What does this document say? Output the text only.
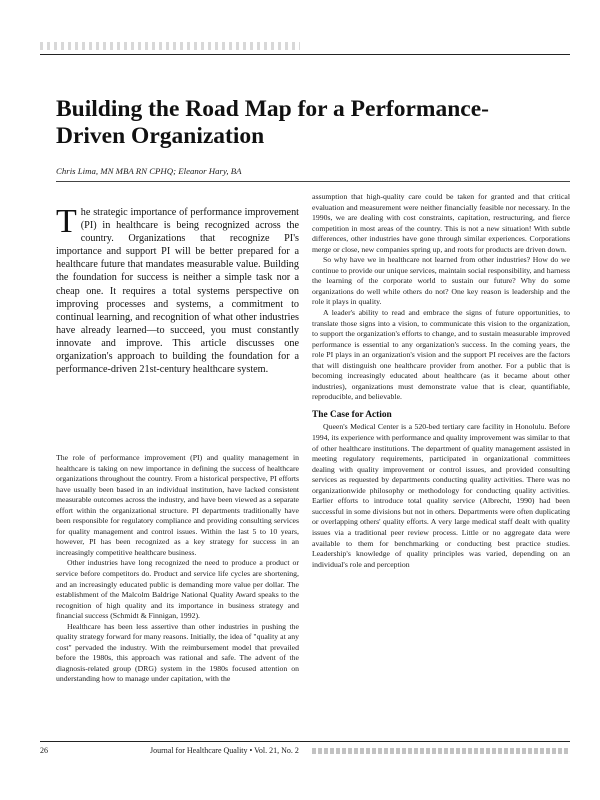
Building the Road Map for a Performance-Driven Organization
Chris Lima, MN MBA RN CPHQ; Eleanor Hary, BA

The strategic importance of performance improvement (PI) in healthcare is being recognized across the country. Organizations that recognize PI's importance and support PI will be better prepared for a healthcare future that mandates measurable value. Building the foundation for success is neither a simple task nor a cheap one. It requires a total systems perspective on improving processes and systems, a commitment to continual learning, and recognition of what other industries have already learned—to succeed, you must constantly innovate and improve. This article discusses one organization's approach to building the foundation for a performance-driven 21st-century healthcare system.

The role of performance improvement (PI) and quality management in healthcare is taking on new importance in defining the success of healthcare organizations throughout the country. From a historical perspective, PI efforts have usually been based in an individual institution, have lacked consistent measurable outcomes across the industry, and have been viewed as a separate effort within the organizational structure. PI departments traditionally have been responsible for regulatory compliance and providing consulting services for quality management and control issues. Within the last 5 to 10 years, however, PI has been recognized as a key strategy for success in an increasingly competitive healthcare business.

Other industries have long recognized the need to produce a product or service before competitors do. Product and service life cycles are shortening, and an increasingly educated public is demanding more value per dollar. The establishment of the Malcolm Baldrige National Quality Award speaks to the recognition of high quality and its importance in business strategy and financial success (Schmidt & Finnigan, 1992).

Healthcare has been less assertive than other industries in pushing the quality strategy forward for many reasons. Initially, the idea of "quality at any cost" pervaded the industry. With the reimbursement model that prevailed before the 1980s, this approach was rational and safe. The advent of the diagnosis-related group (DRG) system in the 1980s focused attention on understanding how to manage under capitation, with the

assumption that high-quality care could be taken for granted and that critical evaluation and measurement were neither financially feasible nor necessary. In the 1990s, we are dealing with cost constraints, capitation, restructuring, and fierce competition in most areas of the country. This is not a new situation! With subtle differences, other industries have gone through similar experiences. Corporations merge or close, new companies spring up, and roots for products are driven down.

So why have we in healthcare not learned from other industries? How do we continue to provide our unique services, maintain social responsibility, and harness the learning of the corporate world to sustain our future? Why do some organizations do well while others do not? One key reason is leadership and the role it plays in quality.

A leader's ability to read and embrace the signs of future opportunities, to translate those signs into a vision, to communicate this vision to the organization, to support the organization's efforts to change, and to sustain measurable improved performance is essential to any organization's success. In the coming years, the role PI plays in an organization's vision and the support PI receives are the factors that will distinguish one healthcare provider from another. For a public that is becoming increasingly educated about healthcare (as it became about other industries), organizations must demonstrate value that is clear, quantifiable, reproducible, and believable.

The Case for Action

Queen's Medical Center is a 520-bed tertiary care facility in Honolulu. Before 1994, its experience with performance and quality improvement was similar to that of other healthcare institutions. The department of quality management assisted in meeting regulatory requirements, participated in organizational committees dealing with quality improvement or control issues, and provided consulting services as requested by departments conducting quality activities. There was no organizationwide philosophy or methodology for conducting quality activities. Earlier efforts to introduce total quality service (Albrecht, 1990) had been successful in some divisions but not in others. Departments were often duplicating or overlapping others' quality efforts. A very large medical staff dealt with quality issues via a traditional peer review process. Little or no aggregate data were available to them for benchmarking or conducting best practice studies. Leadership's knowledge of quality principles was varied, depending on an individual's role and perception

26	Journal for Healthcare Quality • Vol. 21, No. 2
